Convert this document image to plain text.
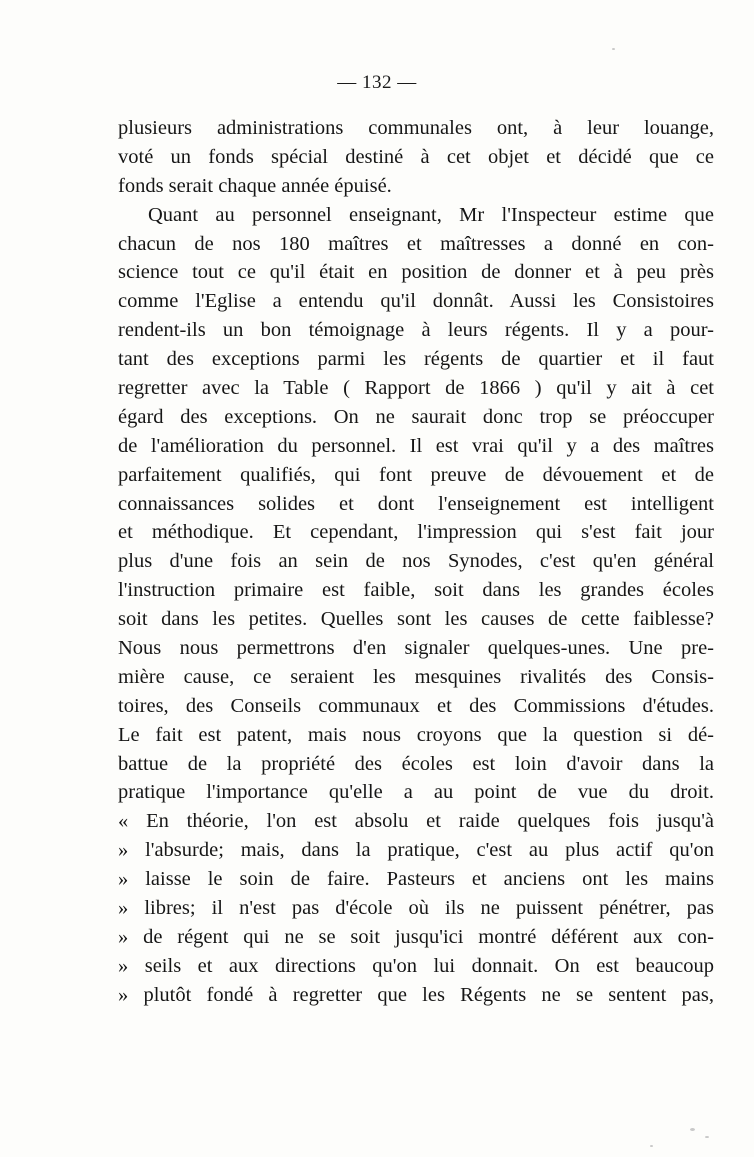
— 132 —
plusieurs administrations communales ont, à leur louange,
voté un fonds spécial destiné à cet objet et décidé que ce
fonds serait chaque année épuisé.
Quant au personnel enseignant, Mr l'Inspecteur estime que
chacun de nos 180 maîtres et maîtresses a donné en con-
science tout ce qu'il était en position de donner et à peu près
comme l'Eglise a entendu qu'il donnât. Aussi les Consistoires
rendent-ils un bon témoignage à leurs régents. Il y a pour-
tant des exceptions parmi les régents de quartier et il faut
regretter avec la Table ( Rapport de 1866 ) qu'il y ait à cet
égard des exceptions. On ne saurait donc trop se préoccuper
de l'amélioration du personnel. Il est vrai qu'il y a des maîtres
parfaitement qualifiés, qui font preuve de dévouement et de
connaissances solides et dont l'enseignement est intelligent
et méthodique. Et cependant, l'impression qui s'est fait jour
plus d'une fois an sein de nos Synodes, c'est qu'en général
l'instruction primaire est faible, soit dans les grandes écoles
soit dans les petites. Quelles sont les causes de cette faiblesse?
Nous nous permettrons d'en signaler quelques-unes. Une pre-
mière cause, ce seraient les mesquines rivalités des Consis-
toires, des Conseils communaux et des Commissions d'études.
Le fait est patent, mais nous croyons que la question si dé-
battue de la propriété des écoles est loin d'avoir dans la
pratique l'importance qu'elle a au point de vue du droit.
« En théorie, l'on est absolu et raide quelques fois jusqu'à
» l'absurde; mais, dans la pratique, c'est au plus actif qu'on
» laisse le soin de faire. Pasteurs et anciens ont les mains
» libres; il n'est pas d'école où ils ne puissent pénétrer, pas
» de régent qui ne se soit jusqu'ici montré déférent aux con-
» seils et aux directions qu'on lui donnait. On est beaucoup
» plutôt fondé à regretter que les Régents ne se sentent pas,
